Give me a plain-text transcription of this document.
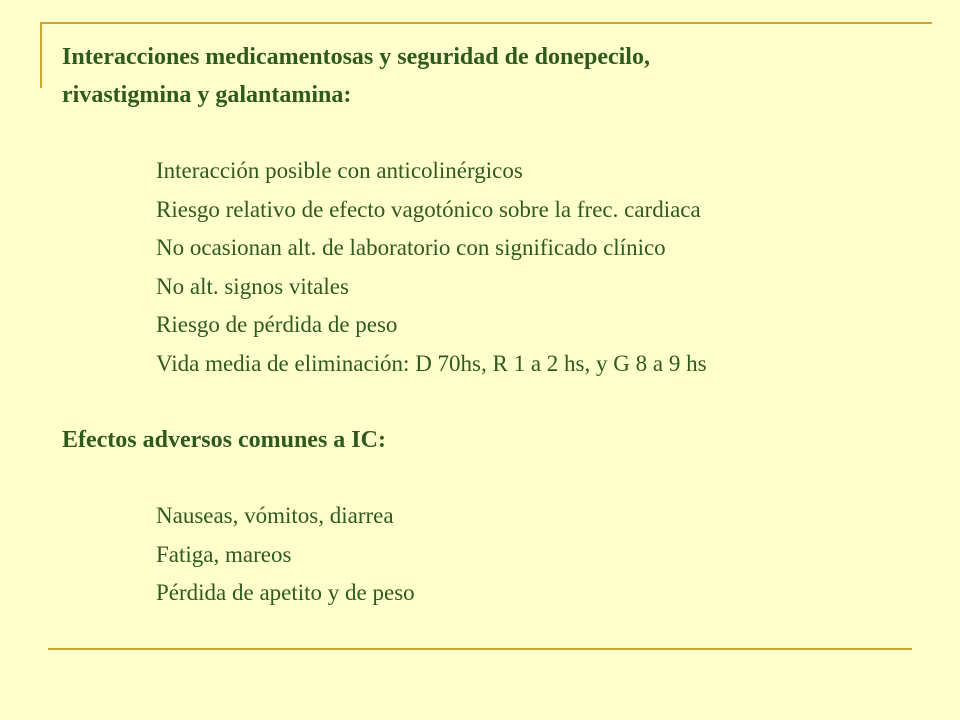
Interacciones medicamentosas y seguridad de donepecilo,

rivastigmina y galantamina:

Interacción posible con anticolinérgicos
Riesgo relativo de efecto vagotónico sobre la frec. cardiaca
No ocasionan alt. de laboratorio con significado clínico
No alt. signos vitales
Riesgo de pérdida de peso
Vida media de eliminación: D 70hs, R 1 a 2 hs, y G 8 a 9 hs

Efectos adversos comunes a IC:

Nauseas, vómitos, diarrea
Fatiga, mareos
Pérdida de apetito y de peso
